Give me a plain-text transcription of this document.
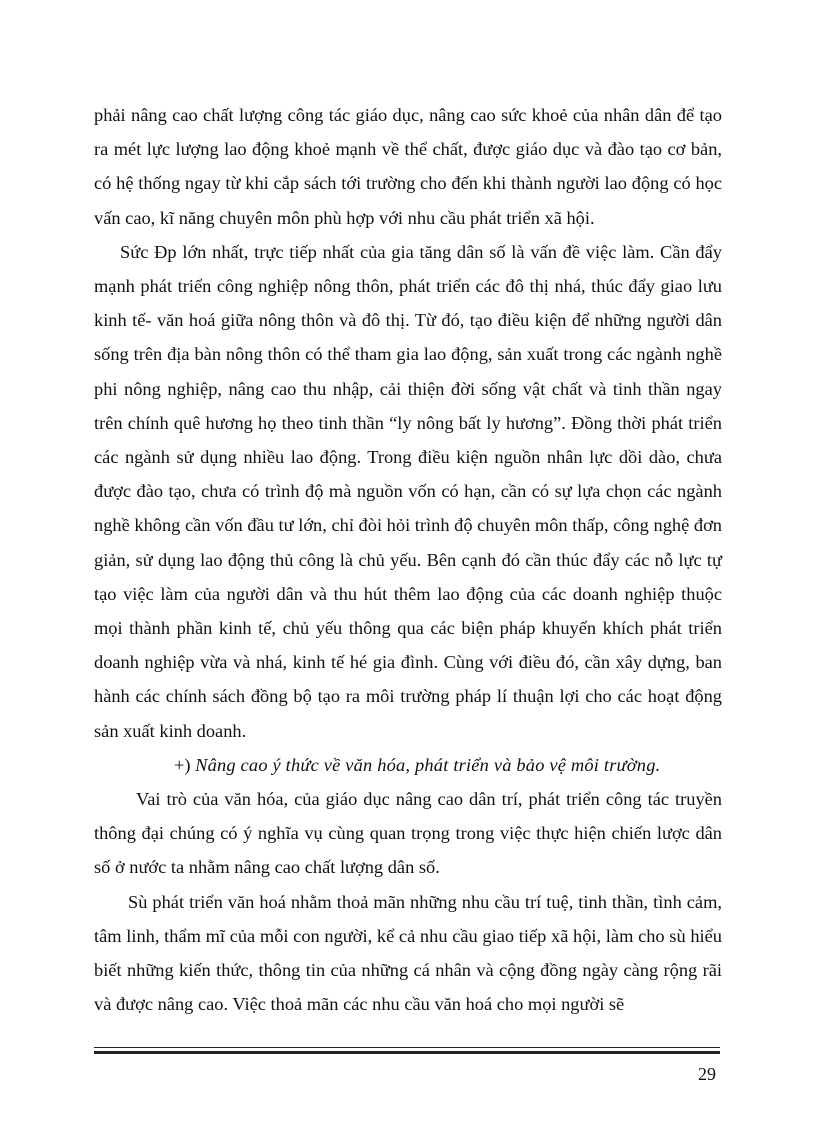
phải nâng cao chất lượng công tác giáo dục, nâng cao sức khoẻ của nhân dân để tạo ra mét lực lượng lao động khoẻ mạnh về thể chất, được giáo dục và đào tạo cơ bản, có hệ thống ngay từ khi cắp sách tới trường cho đến khi thành người lao động có học vấn cao, kĩ năng chuyên môn phù hợp với nhu cầu phát triển xã hội.

Sức Đp lớn nhất, trực tiếp nhất của gia tăng dân số là vấn đề việc làm. Cần đẩy mạnh phát triển công nghiệp nông thôn, phát triển các đô thị nhá, thúc đẩy giao lưu kinh tế- văn hoá giữa nông thôn và đô thị. Từ đó, tạo điều kiện để những người dân sống trên địa bàn nông thôn có thể tham gia lao động, sản xuất trong các ngành nghề phi nông nghiệp, nâng cao thu nhập, cải thiện đời sống vật chất và tinh thần ngay trên chính quê hương họ theo tinh thần “ly nông bất ly hương”. Đồng thời phát triển các ngành sử dụng nhiều lao động. Trong điều kiện nguồn nhân lực dồi dào, chưa được đào tạo, chưa có trình độ mà nguồn vốn có hạn, cần có sự lựa chọn các ngành nghề không cần vốn đầu tư lớn, chỉ đòi hỏi trình độ chuyên môn thấp, công nghệ đơn giản, sử dụng lao động thủ công là chủ yếu. Bên cạnh đó cần thúc đẩy các nỗ lực tự tạo việc làm của người dân và thu hút thêm lao động của các doanh nghiệp thuộc mọi thành phần kinh tế, chủ yếu thông qua các biện pháp khuyến khích phát triển doanh nghiệp vừa và nhá, kinh tế hé gia đình. Cùng với điều đó, cần xây dựng, ban hành các chính sách đồng bộ tạo ra môi trường pháp lí thuận lợi cho các hoạt động sản xuất kinh doanh.

+) Nâng cao ý thức về văn hóa, phát triển và bảo vệ môi trường.

Vai trò của văn hóa, của giáo dục nâng cao dân trí, phát triển công tác truyền thông đại chúng có ý nghĩa vụ cùng quan trọng trong việc thực hiện chiến lược dân số ở nước ta nhằm nâng cao chất lượng dân số.

Sù phát triển văn hoá nhằm thoả mãn những nhu cầu trí tuệ, tinh thần, tình cảm, tâm linh, thẩm mĩ của mỗi con người, kể cả nhu cầu giao tiếp xã hội, làm cho sù hiểu biết những kiến thức, thông tin của những cá nhân và cộng đồng ngày càng rộng rãi và được nâng cao. Việc thoả mãn các nhu cầu văn hoá cho mọi người sẽ

29
